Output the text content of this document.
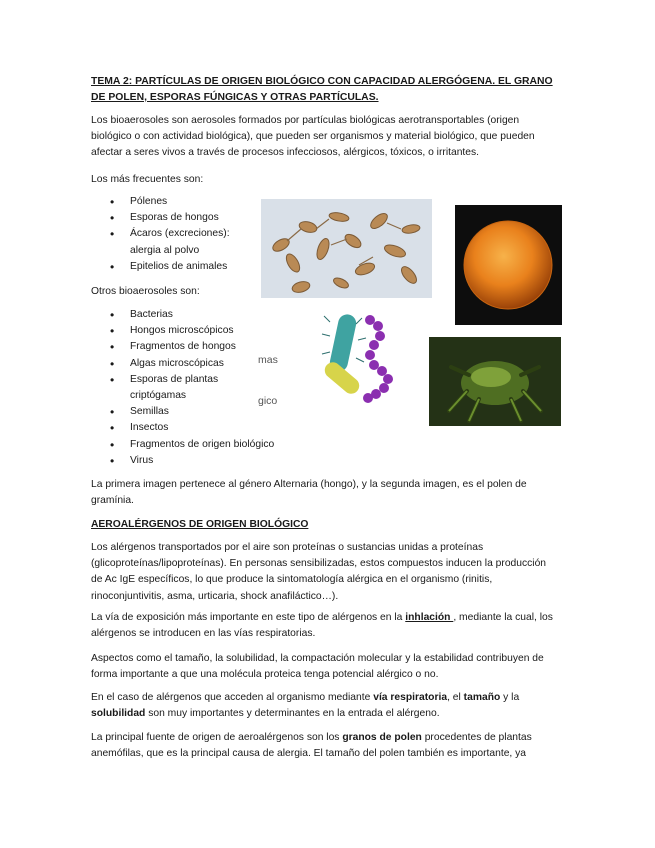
TEMA 2: PARTÍCULAS DE ORIGEN BIOLÓGICO CON CAPACIDAD ALERGÓGENA. EL GRANO DE POLEN, ESPORAS FÚNGICAS Y OTRAS PARTÍCULAS.

Los bioaerosoles son aerosoles formados por partículas biológicas aerotransportables (origen biológico o con actividad biológica), que pueden ser organismos y material biológico, que pueden afectar a seres vivos a través de procesos infecciosos, alérgicos, tóxicos, o irritantes.

Los más frecuentes son:

• Pólenes
• Esporas de hongos
• Ácaros (excreciones):
alergia al polvo
• Epitelios de animales

Otros bioaerosoles son:

• Bacterias
• Hongos microscópicos
• Fragmentos de hongos
• Algas microscópicas
• Esporas de plantas
criptógamas
• Semillas
• Insectos
• Fragmentos de origen biológico
• Virus
mas
gico

La primera imagen pertenece al género Alternaria (hongo), y la segunda imagen, es el polen de gramínia.

AEROALÉRGENOS DE ORIGEN BIOLÓGICO

Los alérgenos transportados por el aire son proteínas o sustancias unidas a proteínas (glicoproteínas/lipoproteínas). En personas sensibilizadas, estos compuestos inducen la producción de Ac IgE específicos, lo que produce la sintomatología alérgica en el organismo (rinitis, rinoconjuntivitis, asma, urticaria, shock anafiláctico…).

La vía de exposición más importante en este tipo de alérgenos en la inhlación , mediante la cual, los alérgenos se introducen en las vías respiratorias.

Aspectos como el tamaño, la solubilidad, la compactación molecular y la estabilidad contribuyen de forma importante a que una molécula proteica tenga potencial alérgico o no.

En el caso de alérgenos que acceden al organismo mediante vía respiratoria, el tamaño y la solubilidad son muy importantes y determinantes en la entrada el alérgeno.

La principal fuente de origen de aeroalérgenos son los granos de polen procedentes de plantas anemófilas, que es la principal causa de alergia. El tamaño del polen también es importante, ya
